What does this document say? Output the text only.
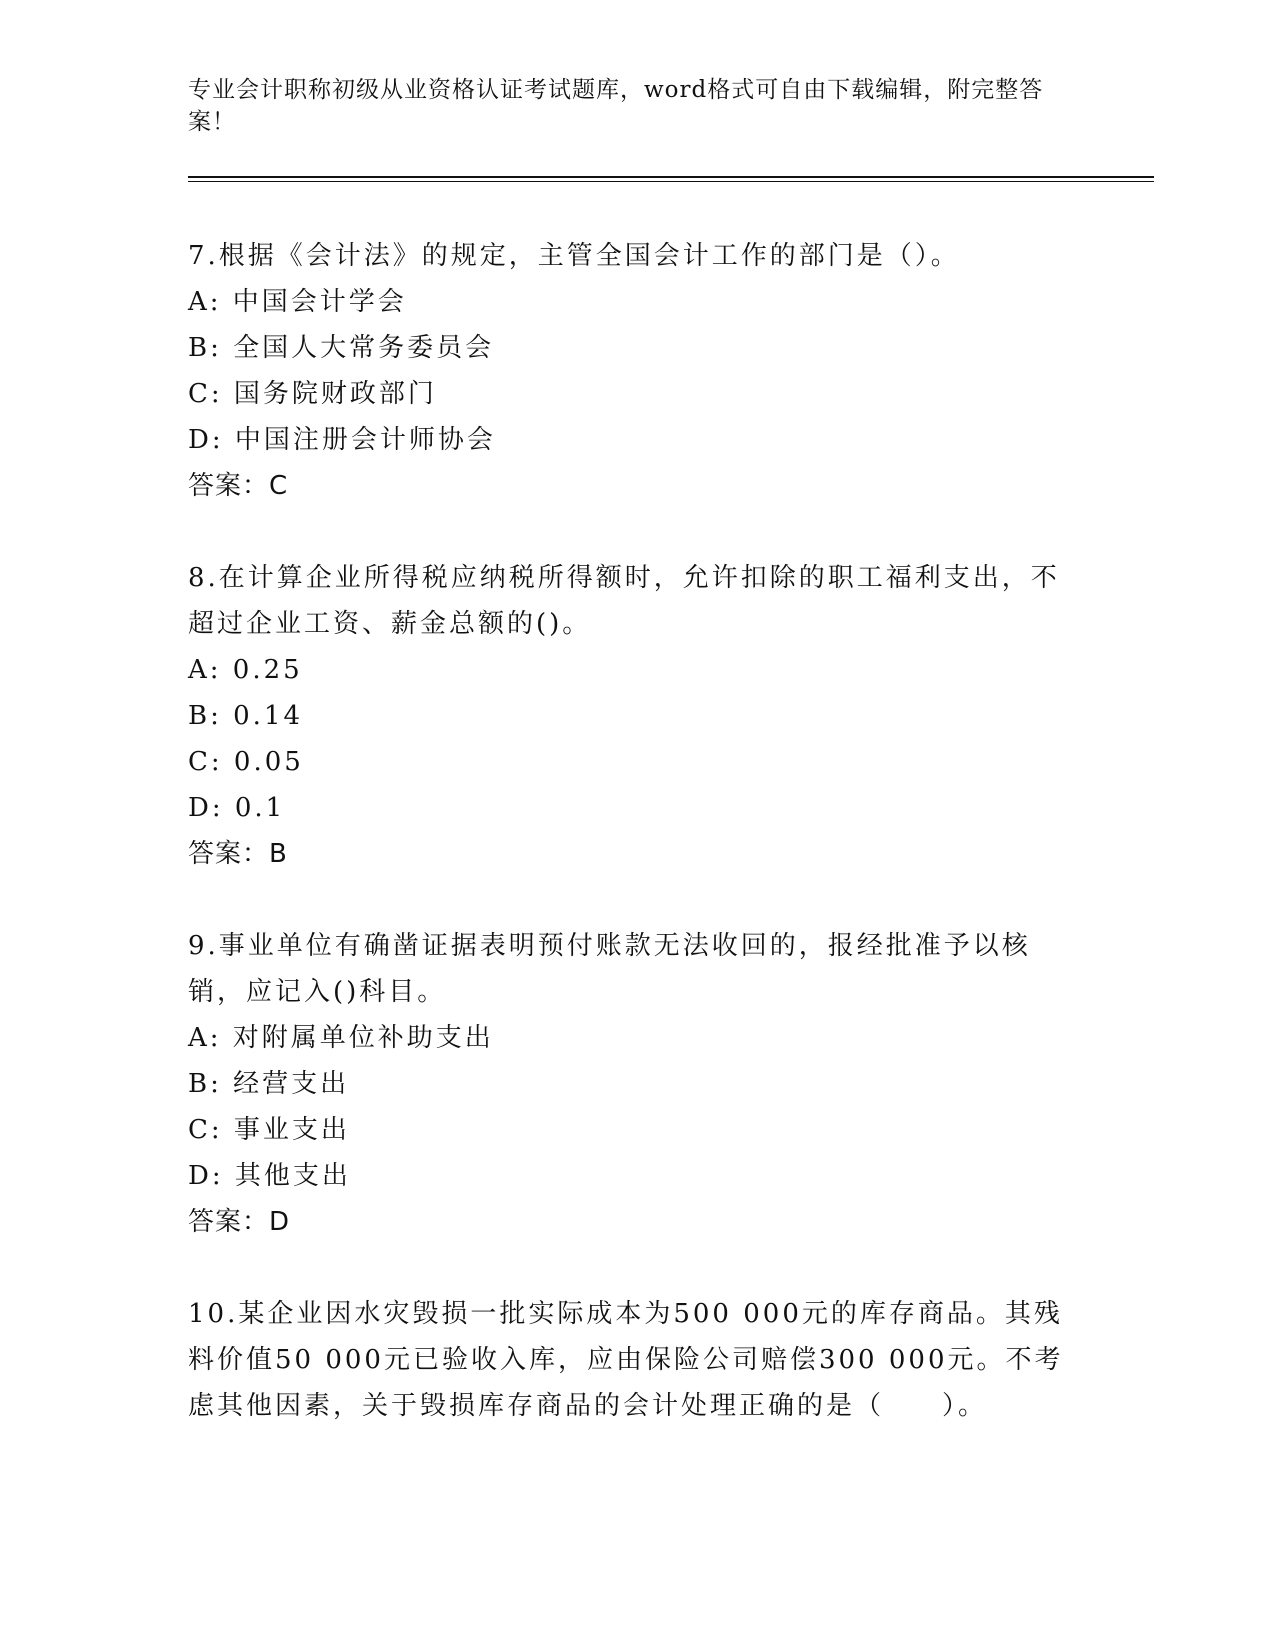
专业会计职称初级从业资格认证考试题库，word格式可自由下载编辑，附完整答案！
7.根据《会计法》的规定，主管全国会计工作的部门是（）。
A: 中国会计学会
B: 全国人大常务委员会
C: 国务院财政部门
D: 中国注册会计师协会
答案：C
8.在计算企业所得税应纳税所得额时，允许扣除的职工福利支出，不超过企业工资、薪金总额的()。
A: 0.25
B: 0.14
C: 0.05
D: 0.1
答案：B
9.事业单位有确凿证据表明预付账款无法收回的，报经批准予以核销，应记入()科目。
A: 对附属单位补助支出
B: 经营支出
C: 事业支出
D: 其他支出
答案：D
10.某企业因水灾毁损一批实际成本为500 000元的库存商品。其残料价值50 000元已验收入库，应由保险公司赔偿300 000元。不考虑其他因素，关于毁损库存商品的会计处理正确的是（　　）。
